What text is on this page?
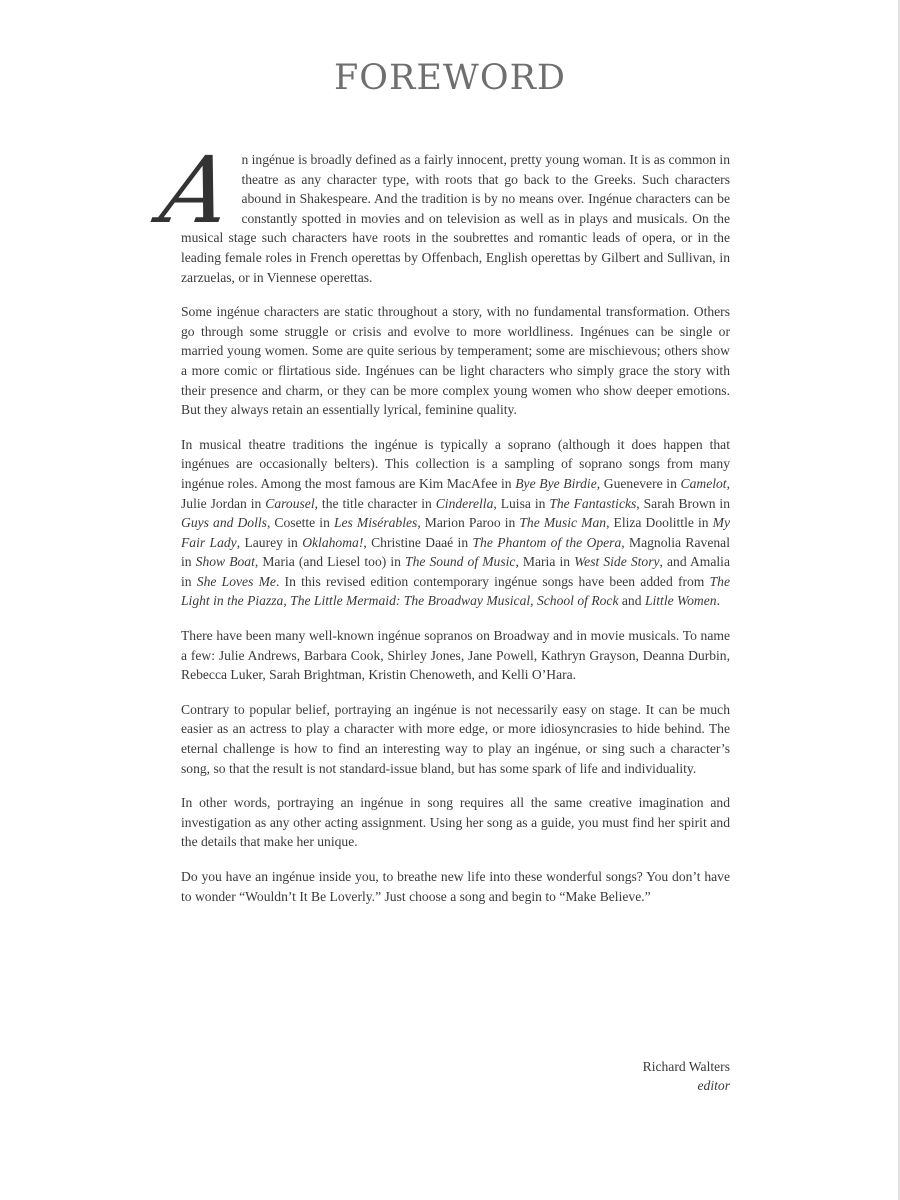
FOREWORD

An ingénue is broadly defined as a fairly innocent, pretty young woman. It is as common in theatre as any character type, with roots that go back to the Greeks. Such characters abound in Shakespeare. And the tradition is by no means over. Ingénue characters can be constantly spotted in movies and on television as well as in plays and musicals. On the musical stage such characters have roots in the soubrettes and romantic leads of opera, or in the leading female roles in French operettas by Offenbach, English operettas by Gilbert and Sullivan, in zarzuelas, or in Viennese operettas.

Some ingénue characters are static throughout a story, with no fundamental transformation. Others go through some struggle or crisis and evolve to more worldliness. Ingénues can be single or married young women. Some are quite serious by temperament; some are mischievous; others show a more comic or flirtatious side. Ingénues can be light characters who simply grace the story with their presence and charm, or they can be more complex young women who show deeper emotions. But they always retain an essentially lyrical, feminine quality.

In musical theatre traditions the ingénue is typically a soprano (although it does happen that ingénues are occasionally belters). This collection is a sampling of soprano songs from many ingénue roles. Among the most famous are Kim MacAfee in Bye Bye Birdie, Guenevere in Camelot, Julie Jordan in Carousel, the title character in Cinderella, Luisa in The Fantasticks, Sarah Brown in Guys and Dolls, Cosette in Les Misérables, Marion Paroo in The Music Man, Eliza Doolittle in My Fair Lady, Laurey in Oklahoma!, Christine Daaé in The Phantom of the Opera, Magnolia Ravenal in Show Boat, Maria (and Liesel too) in The Sound of Music, Maria in West Side Story, and Amalia in She Loves Me. In this revised edition contemporary ingénue songs have been added from The Light in the Piazza, The Little Mermaid: The Broadway Musical, School of Rock and Little Women.

There have been many well-known ingénue sopranos on Broadway and in movie musicals. To name a few: Julie Andrews, Barbara Cook, Shirley Jones, Jane Powell, Kathryn Grayson, Deanna Durbin, Rebecca Luker, Sarah Brightman, Kristin Chenoweth, and Kelli O’Hara.

Contrary to popular belief, portraying an ingénue is not necessarily easy on stage. It can be much easier as an actress to play a character with more edge, or more idiosyncrasies to hide behind. The eternal challenge is how to find an interesting way to play an ingénue, or sing such a character’s song, so that the result is not standard-issue bland, but has some spark of life and individuality.

In other words, portraying an ingénue in song requires all the same creative imagination and investigation as any other acting assignment. Using her song as a guide, you must find her spirit and the details that make her unique.

Do you have an ingénue inside you, to breathe new life into these wonderful songs? You don’t have to wonder “Wouldn’t It Be Loverly.” Just choose a song and begin to “Make Believe.”

Richard Walters
editor
